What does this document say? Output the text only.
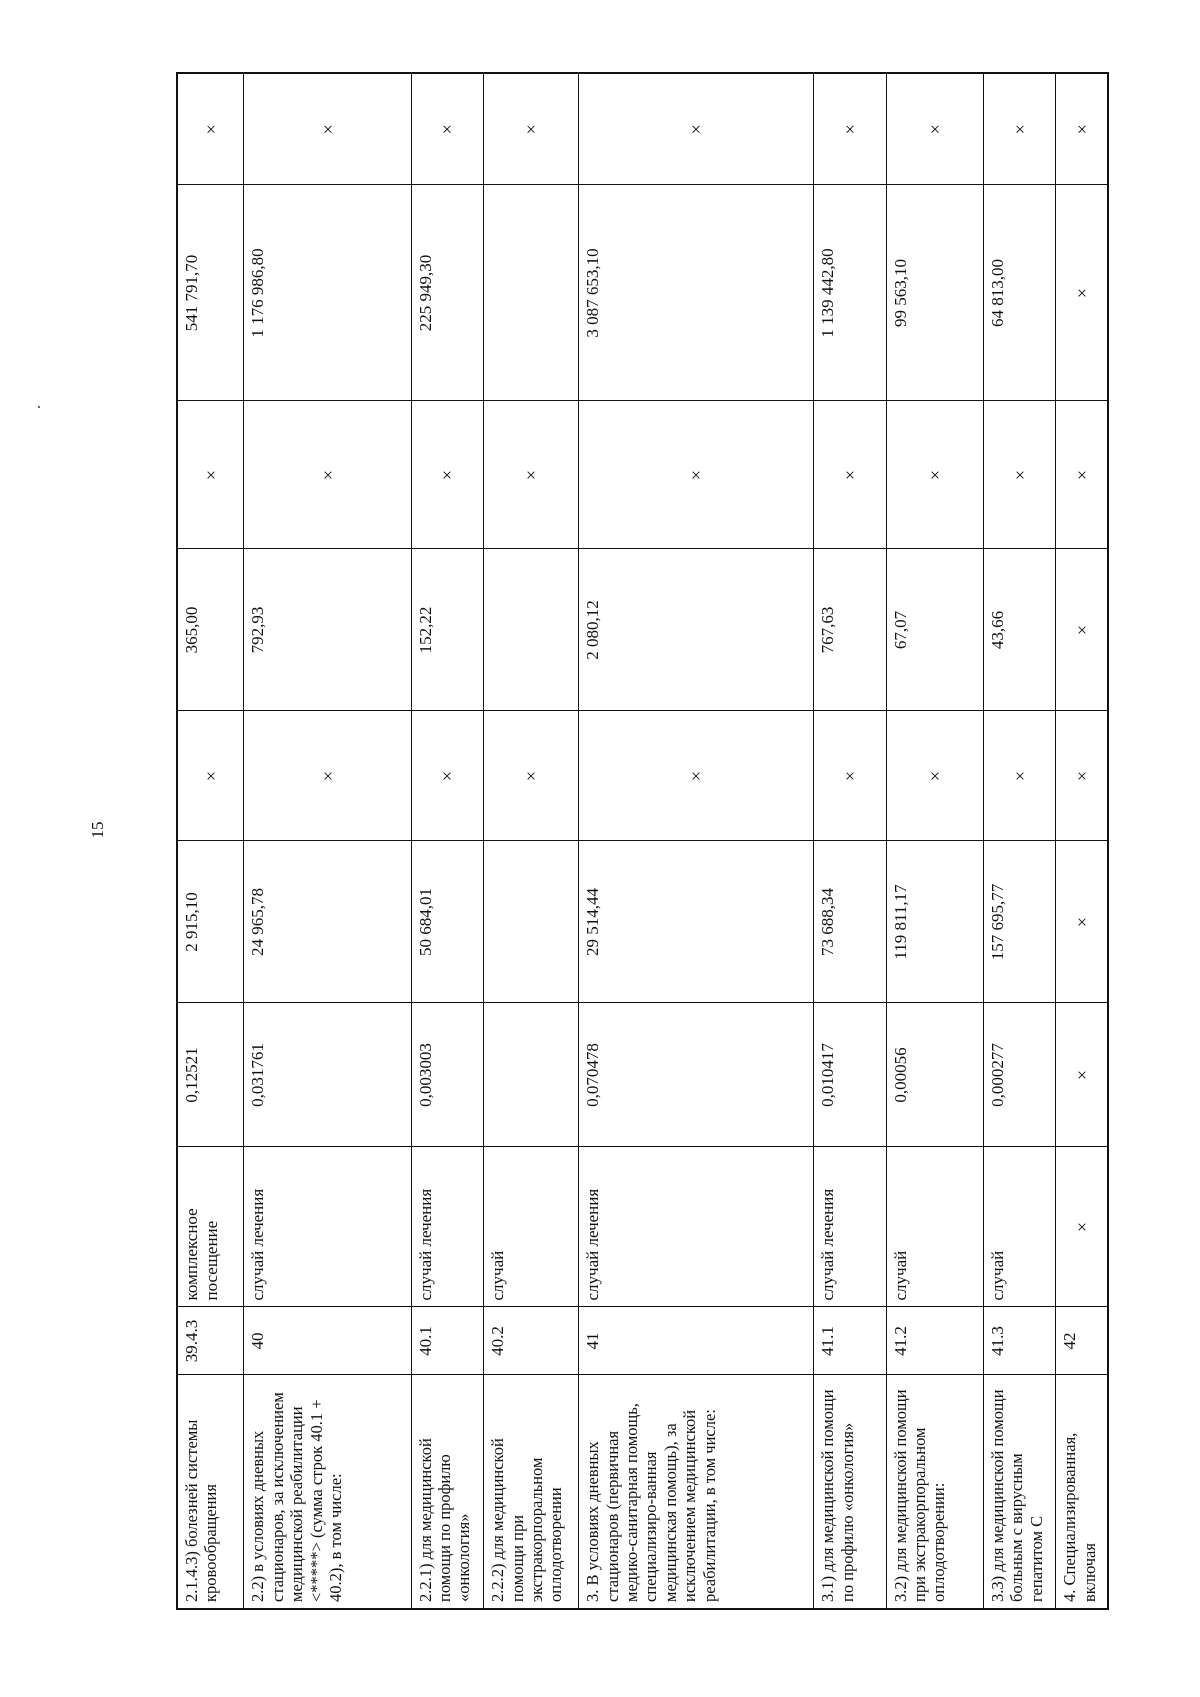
15
2.1.4.3) болезней системы кровообращения	39.4.3	комплексное посещение	0,12521	2 915,10	×	365,00	×	541 791,70	×
2.2) в условиях дневных стационаров, за исключением медицинской реабилитации <*****> (сумма строк 40.1 + 40.2), в том числе:	40	случай лечения	0,031761	24 965,78	×	792,93	×	1 176 986,80	×
2.2.1) для медицинской помощи по профилю «онкология»	40.1	случай лечения	0,003003	50 684,01	×	152,22	×	225 949,30	×
2.2.2) для медицинской помощи при экстракорпоральном оплодотворении	40.2	случай			×		×		×
3. В условиях дневных стационаров (первичная медико-санитарная помощь, специализиро-ванная медицинская помощь), за исключением медицинской реабилитации, в том числе:	41	случай лечения	0,070478	29 514,44	×	2 080,12	×	3 087 653,10	×
3.1) для медицинской помощи по профилю «онкология»	41.1	случай лечения	0,010417	73 688,34	×	767,63	×	1 139 442,80	×
3.2) для медицинской помощи при экстракорпоральном оплодотворении:	41.2	случай	0,00056	119 811,17	×	67,07	×	99 563,10	×
3.3) для медицинской помощи больным с вирусным гепатитом С	41.3	случай	0,000277	157 695,77	×	43,66	×	64 813,00	×
4. Специализированная, включая	42	×	×	×	×	×	×	×	×
